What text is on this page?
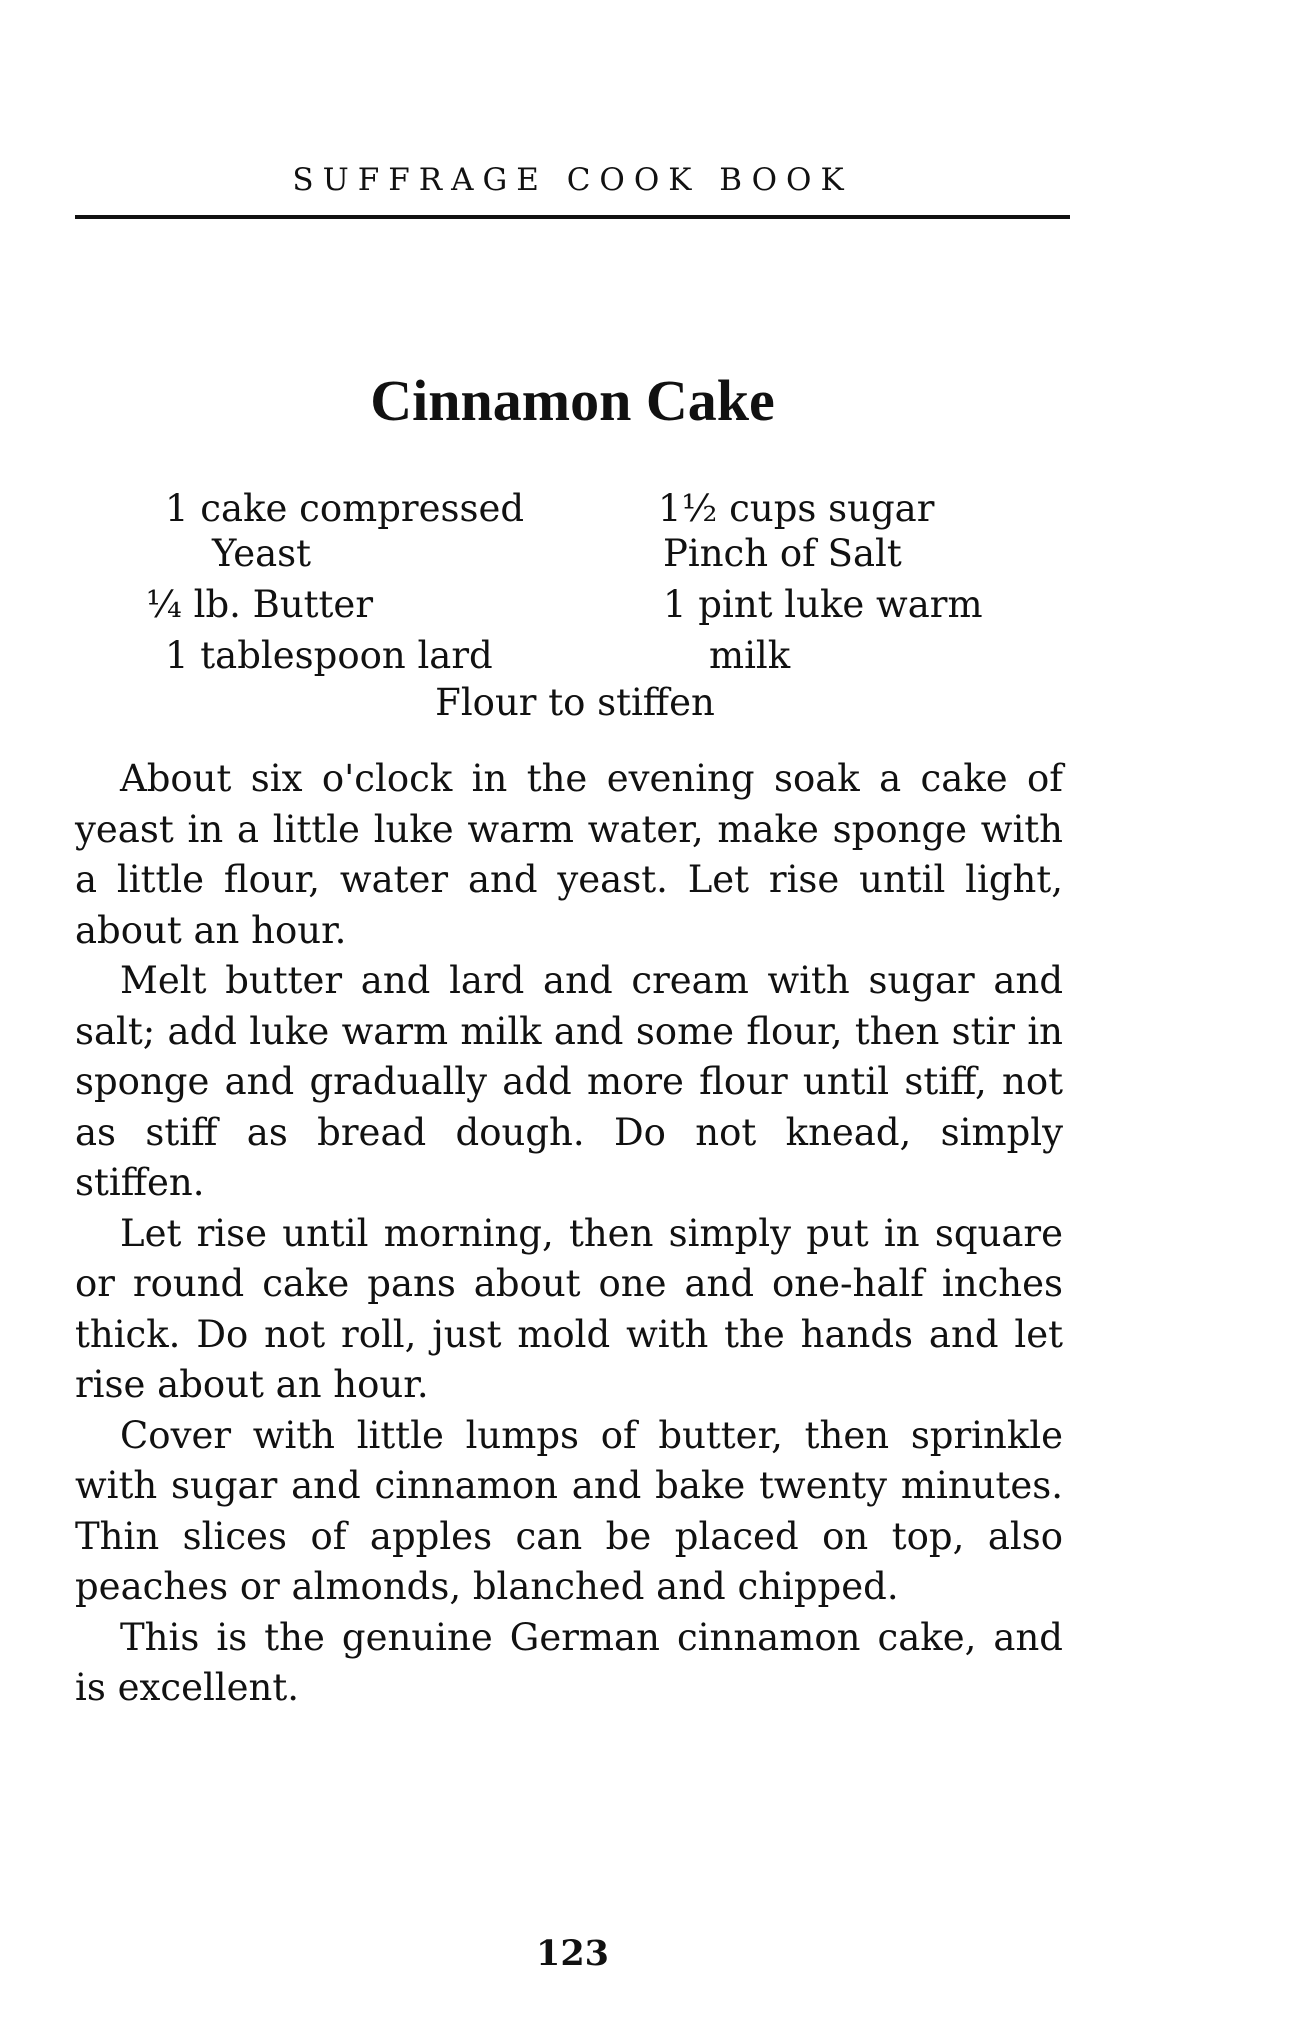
SUFFRAGE COOK BOOK
Cinnamon Cake
1 cake compressed
Yeast
¼ lb. Butter
1 tablespoon lard
1½ cups sugar
Pinch of Salt
1 pint luke warm
milk
Flour to stiffen

About six o'clock in the evening soak a cake of yeast in a little luke warm water, make sponge with a little flour, water and yeast. Let rise until light, about an hour.

Melt butter and lard and cream with sugar and salt; add luke warm milk and some flour, then stir in sponge and gradually add more flour until stiff, not as stiff as bread dough. Do not knead, simply stiffen.

Let rise until morning, then simply put in square or round cake pans about one and one-half inches thick. Do not roll, just mold with the hands and let rise about an hour.

Cover with little lumps of butter, then sprinkle with sugar and cinnamon and bake twenty minutes. Thin slices of apples can be placed on top, also peaches or almonds, blanched and chipped.

This is the genuine German cinnamon cake, and is excellent.

123
